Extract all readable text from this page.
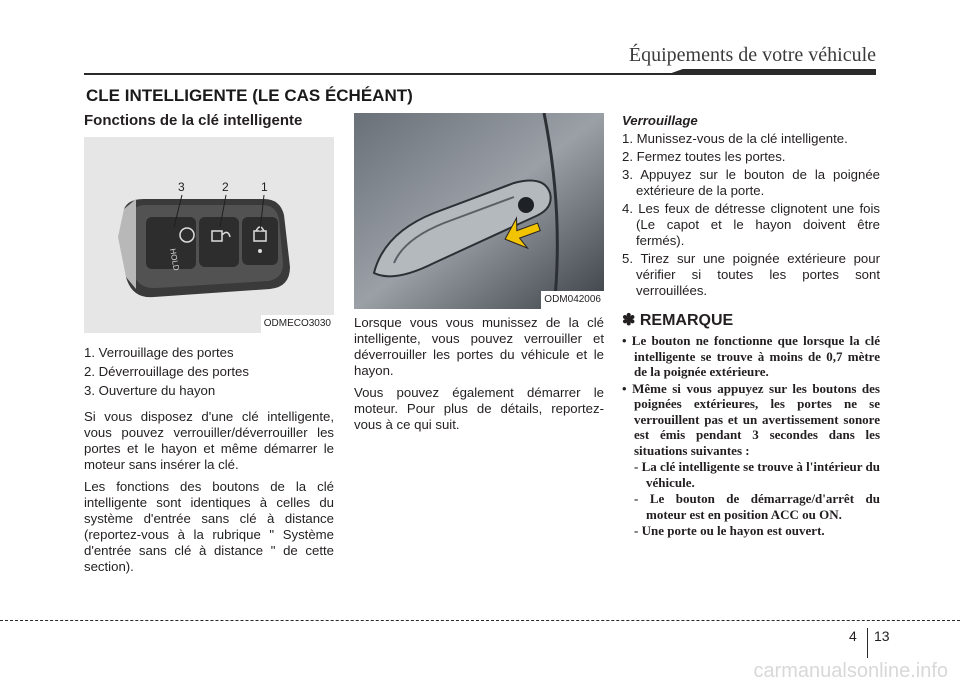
Équipements de votre véhicule
CLE INTELLIGENTE (LE CAS ÉCHÉANT)
Fonctions de la clé intelligente
HOLD
3	2	1
ODMECO3030
1. Verrouillage des portes
2. Déverrouillage des portes
3. Ouverture du hayon

Si vous disposez d'une clé intelligente, vous pouvez verrouiller/déverrouiller les portes et le hayon et même démarrer le moteur sans insérer la clé.

Les fonctions des boutons de la clé intelligente sont identiques à celles du système d'entrée sans clé à distance (reportez-vous à la rubrique " Système d'entrée sans clé à distance " de cette section).

ODM042006

Lorsque vous vous munissez de la clé intelligente, vous pouvez verrouiller et déverrouiller les portes du véhicule et le hayon.

Vous pouvez également démarrer le moteur. Pour plus de détails, reportez-vous à ce qui suit.

Verrouillage
1. Munissez-vous de la clé intelligente.
2. Fermez toutes les portes.
3. Appuyez sur le bouton de la poignée extérieure de la porte.
4. Les feux de détresse clignotent une fois (Le capot et le hayon doivent être fermés).
5. Tirez sur une poignée extérieure pour vérifier si toutes les portes sont verrouillées.
✽ REMARQUE
• Le bouton ne fonctionne que lorsque la clé intelligente se trouve à moins de 0,7 mètre de la poignée extérieure.
• Même si vous appuyez sur les boutons des poignées extérieures, les portes ne se verrouillent pas et un avertissement sonore est émis pendant 3 secondes dans les situations suivantes :
- La clé intelligente se trouve à l'intérieur du véhicule.
- Le bouton de démarrage/d'arrêt du moteur est en position ACC ou ON.
- Une porte ou le hayon est ouvert.
4 13
carmanualsonline.info
